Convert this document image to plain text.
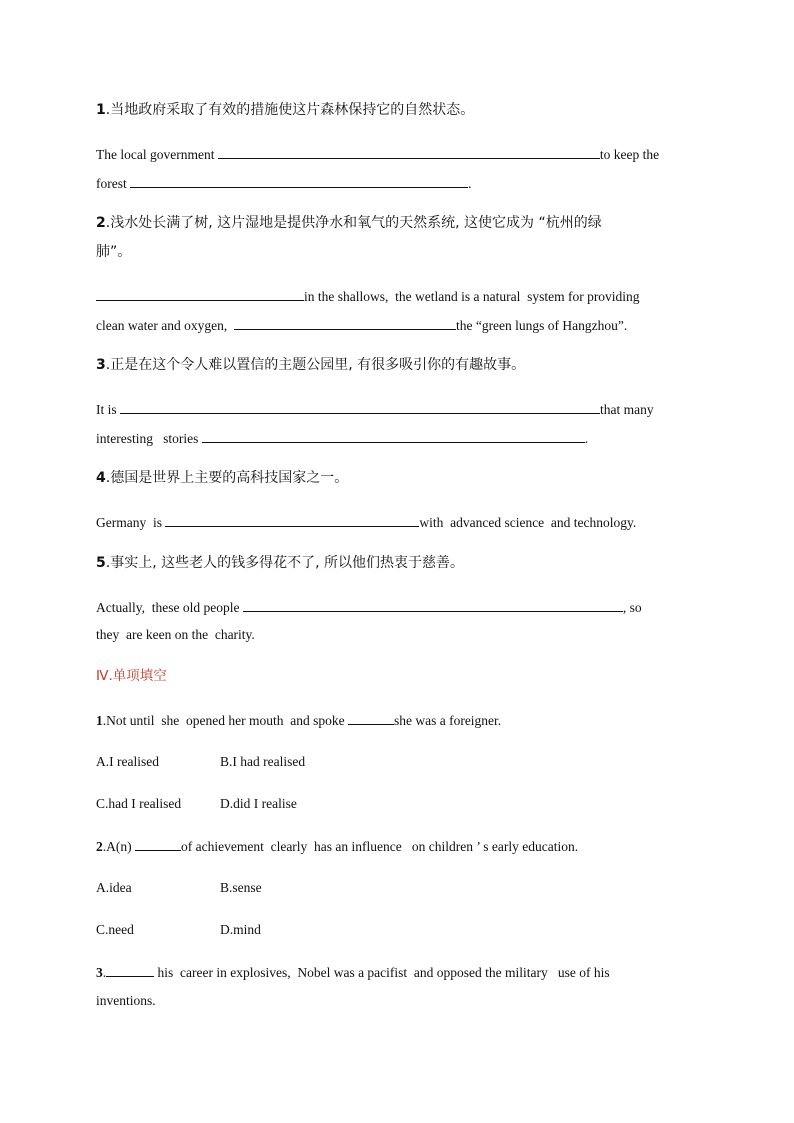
1.当地政府采取了有效的措施使这片森林保持它的自然状态。
The local government	to keep the
forest	.
2.浅水处长满了树, 这片湿地是提供净水和氧气的天然系统, 这使它成为 “杭州的绿
肺”。
in the shallows,  the wetland is a natural  system for providing
clean water and oxygen,	the “green lungs of Hangzhou”.
3.正是在这个令人难以置信的主题公园里, 有很多吸引你的有趣故事。
It is	that many
interesting   stories	.
4.德国是世界上主要的高科技国家之一。
Germany  is	with  advanced science  and technology.
5.事实上, 这些老人的钱多得花不了, 所以他们热衷于慈善。
Actually,  these old people	, so
they  are keen on the  charity.
Ⅳ.单项填空
1.Not until  she  opened her mouth  and spoke	she was a foreigner.
A.I realised	B.I had realised
C.had I realised	D.did I realise
2.A(n)	of achievement  clearly  has an influence   on children ’ s early education.
A.idea	B.sense
C.need	D.mind
3.	his  career in explosives,  Nobel was a pacifist  and opposed the military   use of his
inventions.
